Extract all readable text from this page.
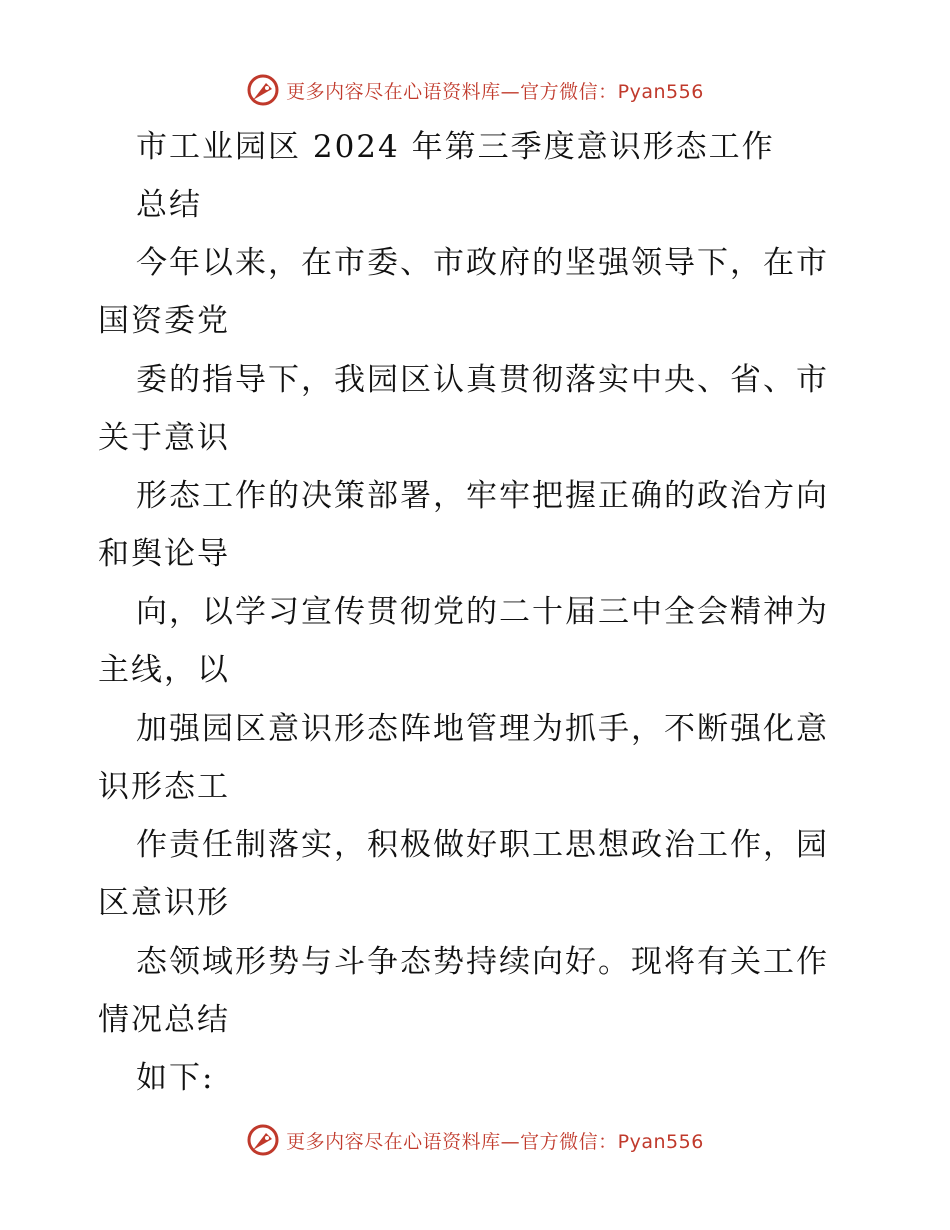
更多内容尽在心语资料库—官方微信：Pyan556
市工业园区 2024 年第三季度意识形态工作
总结
今年以来，在市委、市政府的坚强领导下，在市
国资委党
委的指导下，我园区认真贯彻落实中央、省、市
关于意识
形态工作的决策部署，牢牢把握正确的政治方向
和舆论导
向，以学习宣传贯彻党的二十届三中全会精神为
主线，以
加强园区意识形态阵地管理为抓手，不断强化意
识形态工
作责任制落实，积极做好职工思想政治工作，园
区意识形
态领域形势与斗争态势持续向好。现将有关工作
情况总结
如下:
更多内容尽在心语资料库—官方微信：Pyan556
